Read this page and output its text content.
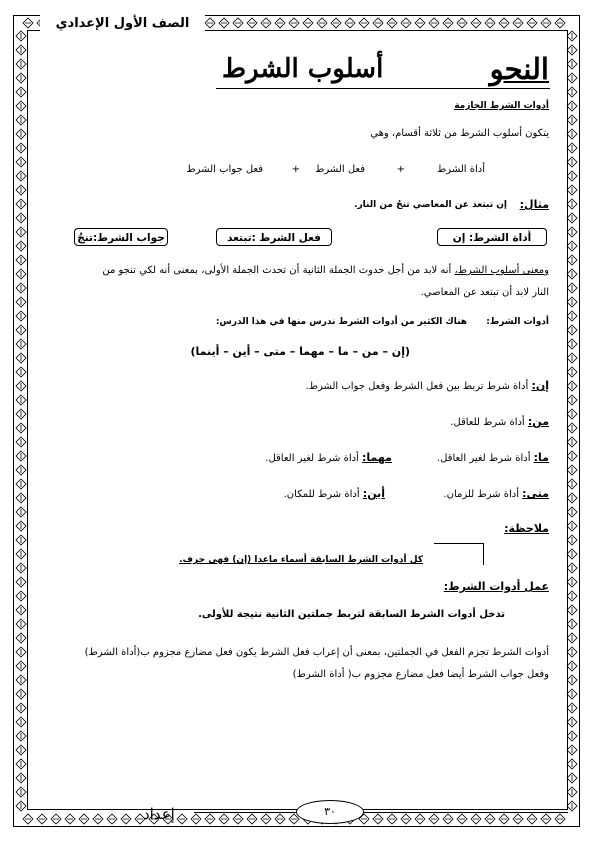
الصف الأول الإعدادي
النحو
أسلوب الشرط
أدوات الشرط الجازمة
يتكون أسلوب الشرط من ثلاثة أقسام، وهي
أداة الشرط
+
فعل الشرط
+
فعل جواب الشرط
مثال:
إن تبتعد عن المعاصي تنجُ من النار.
أداة الشرط: إن
فعل الشرط :تبتعد
جواب الشرط:تنجُ
ومعنى أسلوب الشرط، أنه لابد من أجل حدوث الجملة الثانية أن تحدث الجملة الأولى، بمعنى أنه لكي تنجو من
النار لابد أن تبتعد عن المعاصي.
أدوات الشرط:
هناك الكثير من أدوات الشرط ندرس منها في هذا الدرس:
(إن – من – ما – مهما – متى – أين – أينما)
إن: أداة شرط تربط بين فعل الشرط وفعل جواب الشرط.
من: أداة شرط للعاقل.
ما: أداة شرط لغير العاقل.
مهما: أداة شرط لغير العاقل.
متى: أداة شرط للزمان.
أين: أداة شرط للمكان.
ملاحظة:
كل أدوات الشرط السابقة أسماء ماعدا (إن) فهى حرف.
عمل أدوات الشرط:
تدخل أدوات الشرط السابقة لتربط جملتين الثانية نتيجة للأولى.
أدوات الشرط تجزم الفعل في الجملتين، بمعنى أن إعراب فعل الشرط يكون فعل مضارع مجزوم ب(أداة الشرط)
وفعل جواب الشرط أيضا فعل مضارع مجزوم ب( أداة الشرط)
٣٠
إعداد
